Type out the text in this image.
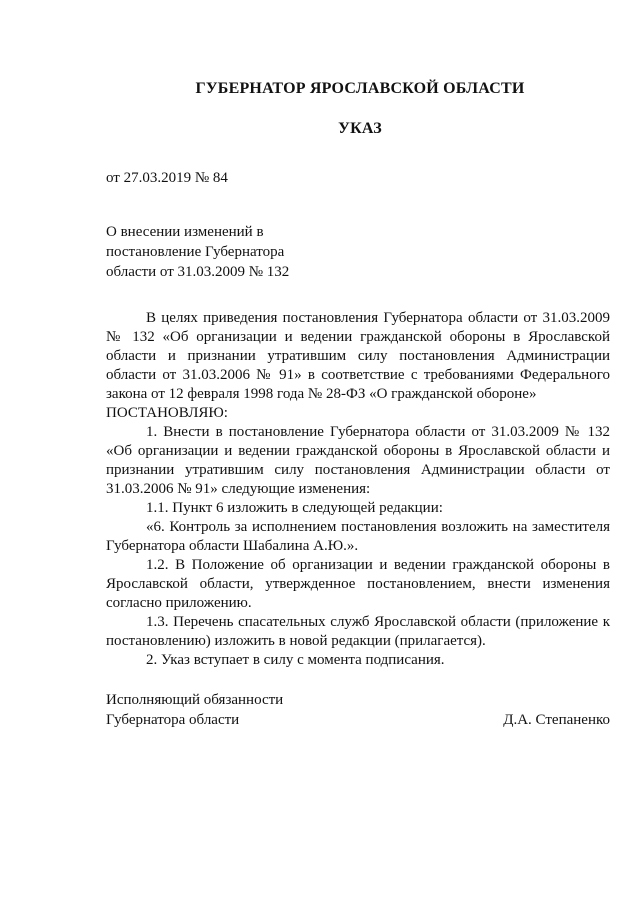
ГУБЕРНАТОР ЯРОСЛАВСКОЙ ОБЛАСТИ
УКАЗ
от 27.03.2019 № 84
О внесении изменений в
постановление Губернатора
области от 31.03.2009 № 132

В целях приведения постановления Губернатора области от 31.03.2009 № 132 «Об организации и ведении гражданской обороны в Ярославской области и признании утратившим силу постановления Администрации области от 31.03.2006 № 91» в соответствие с требованиями Федерального закона от 12 февраля 1998 года № 28-ФЗ «О гражданской обороне»

ПОСТАНОВЛЯЮ:

1. Внести в постановление Губернатора области от 31.03.2009 № 132 «Об организации и ведении гражданской обороны в Ярославской области и признании утратившим силу постановления Администрации области от 31.03.2006 № 91» следующие изменения:

1.1. Пункт 6 изложить в следующей редакции:

«6. Контроль за исполнением постановления возложить на заместителя Губернатора области Шабалина А.Ю.».

1.2. В Положение об организации и ведении гражданской обороны в Ярославской области, утвержденное постановлением, внести изменения согласно приложению.

1.3. Перечень спасательных служб Ярославской области (приложение к постановлению) изложить в новой редакции (прилагается).

2. Указ вступает в силу с момента подписания.

Исполняющий обязанности
Губернатора области	Д.А. Степаненко
